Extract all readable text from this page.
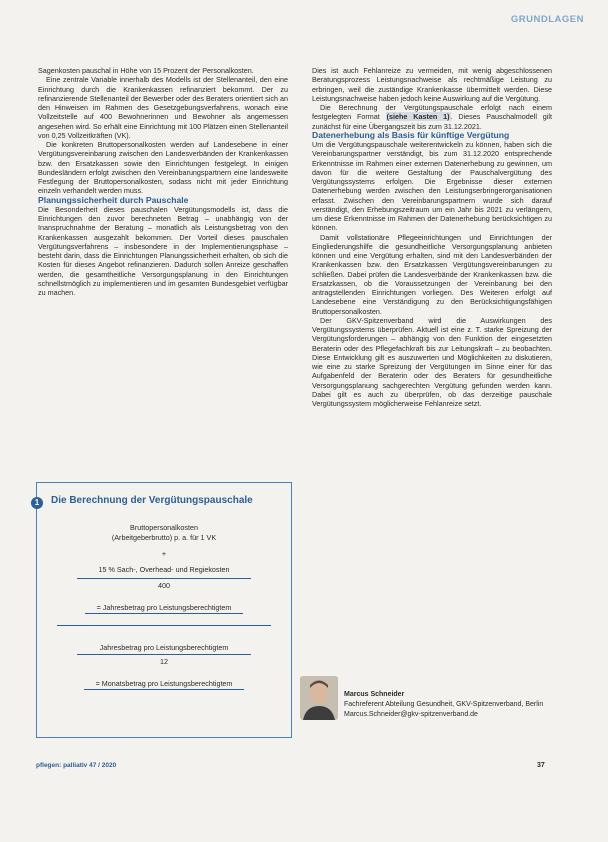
GRUNDLAGEN

Sagenkosten pauschal in Höhe von 15 Prozent der Personalkosten.

Eine zentrale Variable innerhalb des Modells ist der Stellenanteil, den eine Einrichtung durch die Krankenkassen refinanziert bekommt. Der zu refinanzierende Stellenanteil der Bewerber oder des Beraters orientiert sich an den Hinweisen im Rahmen des Gesetzgebungsverfahrens, wonach eine Vollzeitstelle auf 400 Bewohnerinnen und Bewohner als angemessen angesehen wird. So erhält eine Einrichtung mit 100 Plätzen einen Stellenanteil von 0,25 Vollzeitkräften (VK).

Die konkreten Bruttopersonalkosten werden auf Landesebene in einer Vergütungsvereinbarung zwischen den Landesverbänden der Krankenkassen bzw. den Ersatzkassen sowie den Einrichtungen festgelegt. In einigen Bundesländern erfolgt zwischen den Vereinbarungspartnern eine landesweite Festlegung der Bruttopersonalkosten, sodass nicht mit jeder Einrichtung einzeln verhandelt werden muss.

Planungssicherheit durch Pauschale

Die Besonderheit dieses pauschalen Vergütungsmodells ist, dass die Einrichtungen den zuvor berechneten Betrag – unabhängig von der Inanspruchnahme der Beratung – monatlich als Leistungsbetrag von den Krankenkassen ausgezahlt bekommen. Der Vorteil dieses pauschalen Vergütungsverfahrens – insbesondere in der Implementierungsphase – besteht darin, dass die Einrichtungen Planungssicherheit erhalten, ob sich die Kosten für dieses Angebot refinanzieren. Dadurch sollen Anreize geschaffen werden, die gesamtheitliche Versorgungsplanung in den Einrichtungen schnellstmöglich zu implementieren und im gesamten Bundesgebiet verfügbar zu machen.

1	Die Berechnung der Vergütungspauschale
Bruttopersonalkosten
(Arbeitgeberbrutto) p. a. für 1 VK
+
15 % Sach-, Overhead- und Regiekosten
400
= Jahresbetrag pro Leistungsberechtigtem
Jahresbetrag pro Leistungsberechtigtem
12
= Monatsbetrag pro Leistungsberechtigtem

Dies ist auch Fehlanreize zu vermeiden, mit wenig abgeschlossenen Beratungsprozess Leistungsnachweise als rechtmäßige Leistung zu erbringen, weil die zuständige Krankenkasse übermittelt werden. Diese Leistungsnachweise haben jedoch keine Auswirkung auf die Vergütung.

Die Berechnung der Vergütungspauschale erfolgt nach einem festgelegten Format (siehe Kasten 1). Dieses Pauschalmodell gilt zunächst für eine Übergangszeit bis zum 31.12.2021.

Datenerhebung als Basis für künftige Vergütung

Um die Vergütungspauschale weiterentwickeln zu können, haben sich die Vereinbarungspartner verständigt, bis zum 31.12.2020 entsprechende Erkenntnisse im Rahmen einer externen Datenerhebung zu gewinnen, um davon für die weitere Gestaltung der Pauschalvergütung des Vergütungssystems erfolgen. Die Ergebnisse dieser externen Datenerhebung werden zwischen den Leistungserbringerorganisationen erfasst. Zwischen den Vereinbarungspartnern wurde sich darauf verständigt, den Erhebungszeitraum um ein Jahr bis 2021 zu verlängern, um diese Erkenntnisse im Rahmen der Datenerhebung berücksichtigen zu können.

Damit vollstationäre Pflegeeinrichtungen und Einrichtungen der Eingliederungshilfe die gesundheitliche Versorgungsplanung anbieten können und eine Vergütung erhalten, sind mit den Landesverbänden der Krankenkassen bzw. den Ersatzkassen Vergütungsvereinbarungen zu schließen. Dabei prüfen die Landesverbände der Krankenkassen bzw. die Ersatzkassen, ob die Voraussetzungen der Vereinbarung bei den antragstellenden Einrichtungen vorliegen. Des Weiteren erfolgt auf Landesebene eine Verständigung zu den Berücksichtigungsfähigen Bruttopersonalkosten.

Der GKV-Spitzenverband wird die Auswirkungen des Vergütungssystems überprüfen. Aktuell ist eine z. T. starke Spreizung der Vergütungsforderungen – abhängig von den Funktion der eingesetzten Beraterin oder des Pflegefachkraft bis zur Leitungskraft – zu beobachten. Diese Entwicklung gilt es auszuwerten und Möglichkeiten zu diskutieren, wie eine zu starke Spreizung der Vergütungen im Sinne einer für das Aufgabenfeld der Beraterin oder des Beraters für gesundheitliche Versorgungsplanung sachgerechten Vergütung gefunden werden kann. Dabei gilt es auch zu überprüfen, ob das derzeitige pauschale Vergütungssystem möglicherweise Fehlanreize setzt.

Marcus Schneider
Fachreferent Abteilung Gesundheit, GKV-Spitzenverband, Berlin
Marcus.Schneider@gkv-spitzenverband.de
pflegen: palliativ 47 / 2020	37
